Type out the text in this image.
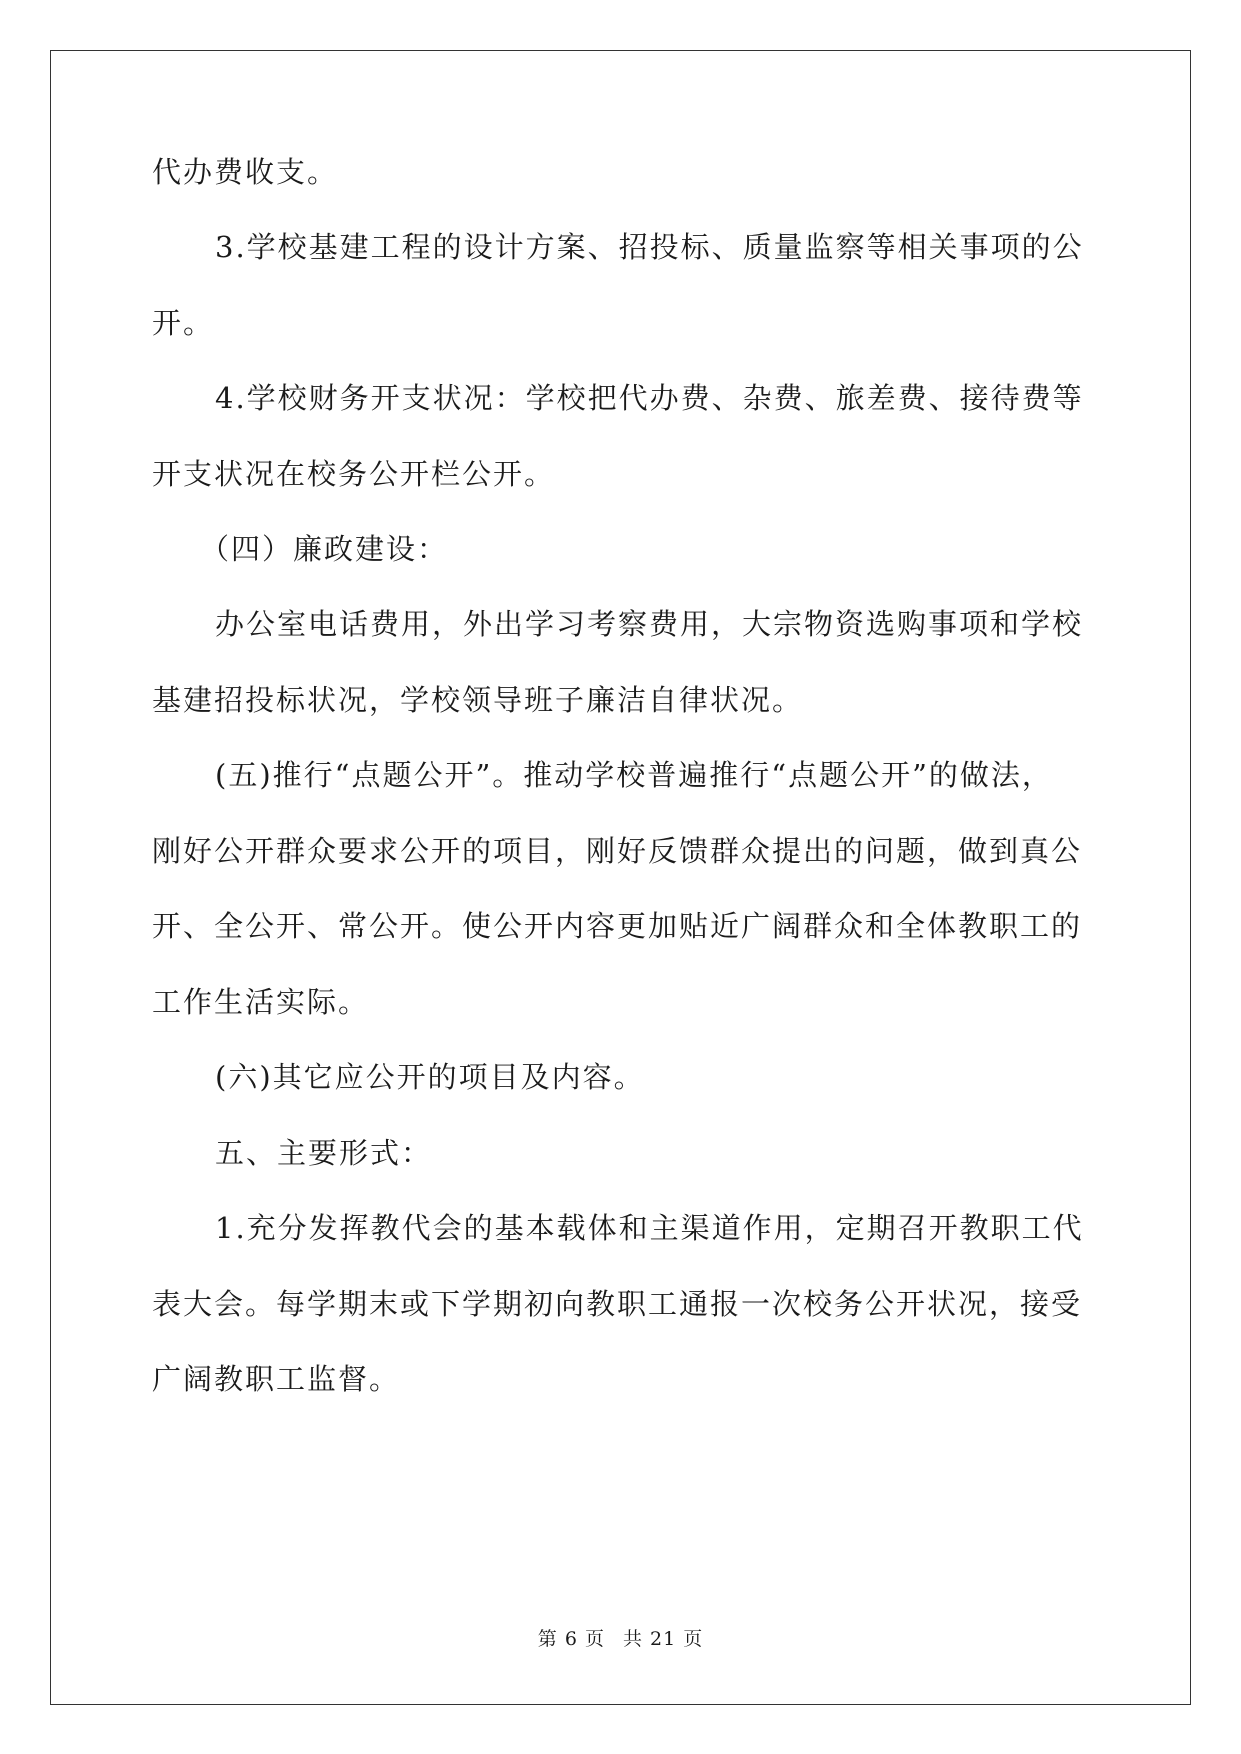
代办费收支。
3.学校基建工程的设计方案、招投标、质量监察等相关事项的公
开。
4.学校财务开支状况：学校把代办费、杂费、旅差费、接待费等
开支状况在校务公开栏公开。
（四）廉政建设：
办公室电话费用，外出学习考察费用，大宗物资选购事项和学校
基建招投标状况，学校领导班子廉洁自律状况。
(五)推行“点题公开”。推动学校普遍推行“点题公开”的做法，
刚好公开群众要求公开的项目，刚好反馈群众提出的问题，做到真公
开、全公开、常公开。使公开内容更加贴近广阔群众和全体教职工的
工作生活实际。
(六)其它应公开的项目及内容。
五、主要形式：
1.充分发挥教代会的基本载体和主渠道作用，定期召开教职工代
表大会。每学期末或下学期初向教职工通报一次校务公开状况，接受
广阔教职工监督。
第 6 页 共 21 页
